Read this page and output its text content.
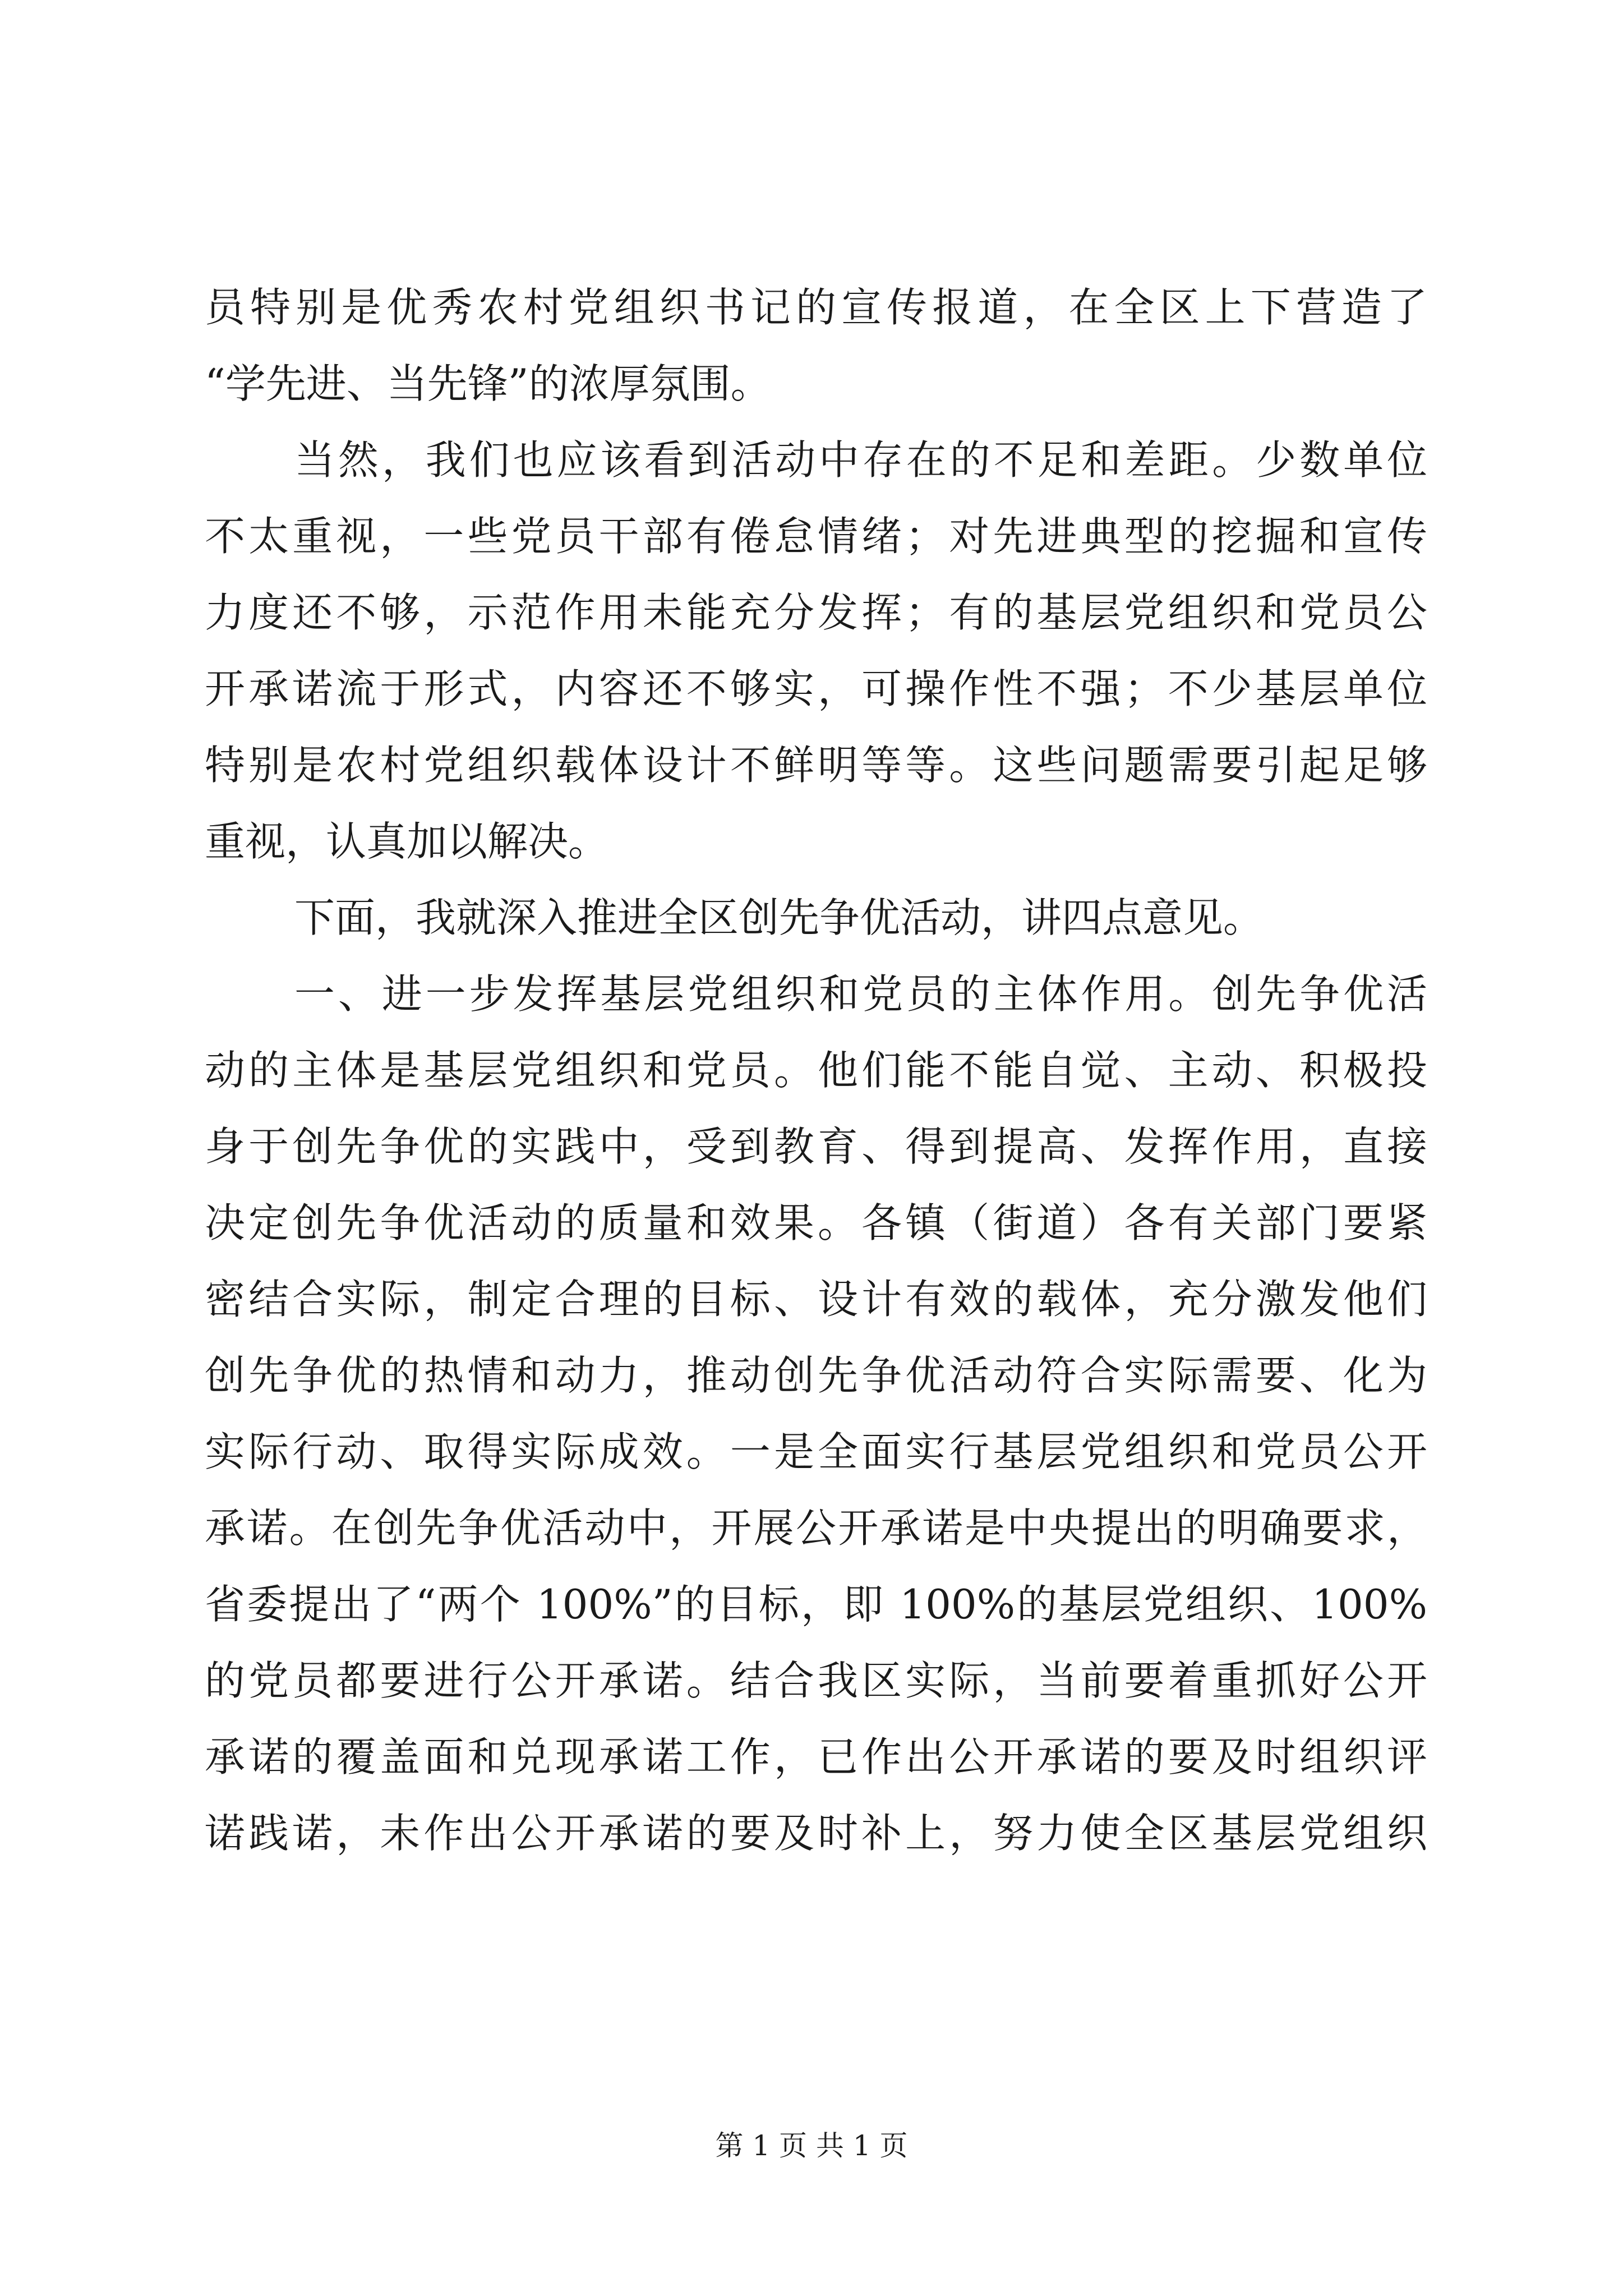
员特别是优秀农村党组织书记的宣传报道，在全区上下营造了
“学先进、当先锋”的浓厚氛围。
当然，我们也应该看到活动中存在的不足和差距。少数单位
不太重视，一些党员干部有倦怠情绪；对先进典型的挖掘和宣传
力度还不够，示范作用未能充分发挥；有的基层党组织和党员公
开承诺流于形式，内容还不够实，可操作性不强；不少基层单位
特别是农村党组织载体设计不鲜明等等。这些问题需要引起足够
重视，认真加以解决。
下面，我就深入推进全区创先争优活动，讲四点意见。
一、进一步发挥基层党组织和党员的主体作用。创先争优活
动的主体是基层党组织和党员。他们能不能自觉、主动、积极投
身于创先争优的实践中，受到教育、得到提高、发挥作用，直接
决定创先争优活动的质量和效果。各镇（街道）各有关部门要紧
密结合实际，制定合理的目标、设计有效的载体，充分激发他们
创先争优的热情和动力，推动创先争优活动符合实际需要、化为
实际行动、取得实际成效。一是全面实行基层党组织和党员公开
承诺。在创先争优活动中，开展公开承诺是中央提出的明确要求，
省委提出了“两个 100%”的目标，即 100%的基层党组织、100%
的党员都要进行公开承诺。结合我区实际，当前要着重抓好公开
承诺的覆盖面和兑现承诺工作，已作出公开承诺的要及时组织评
诺践诺，未作出公开承诺的要及时补上，努力使全区基层党组织
第 1 页 共 1 页
